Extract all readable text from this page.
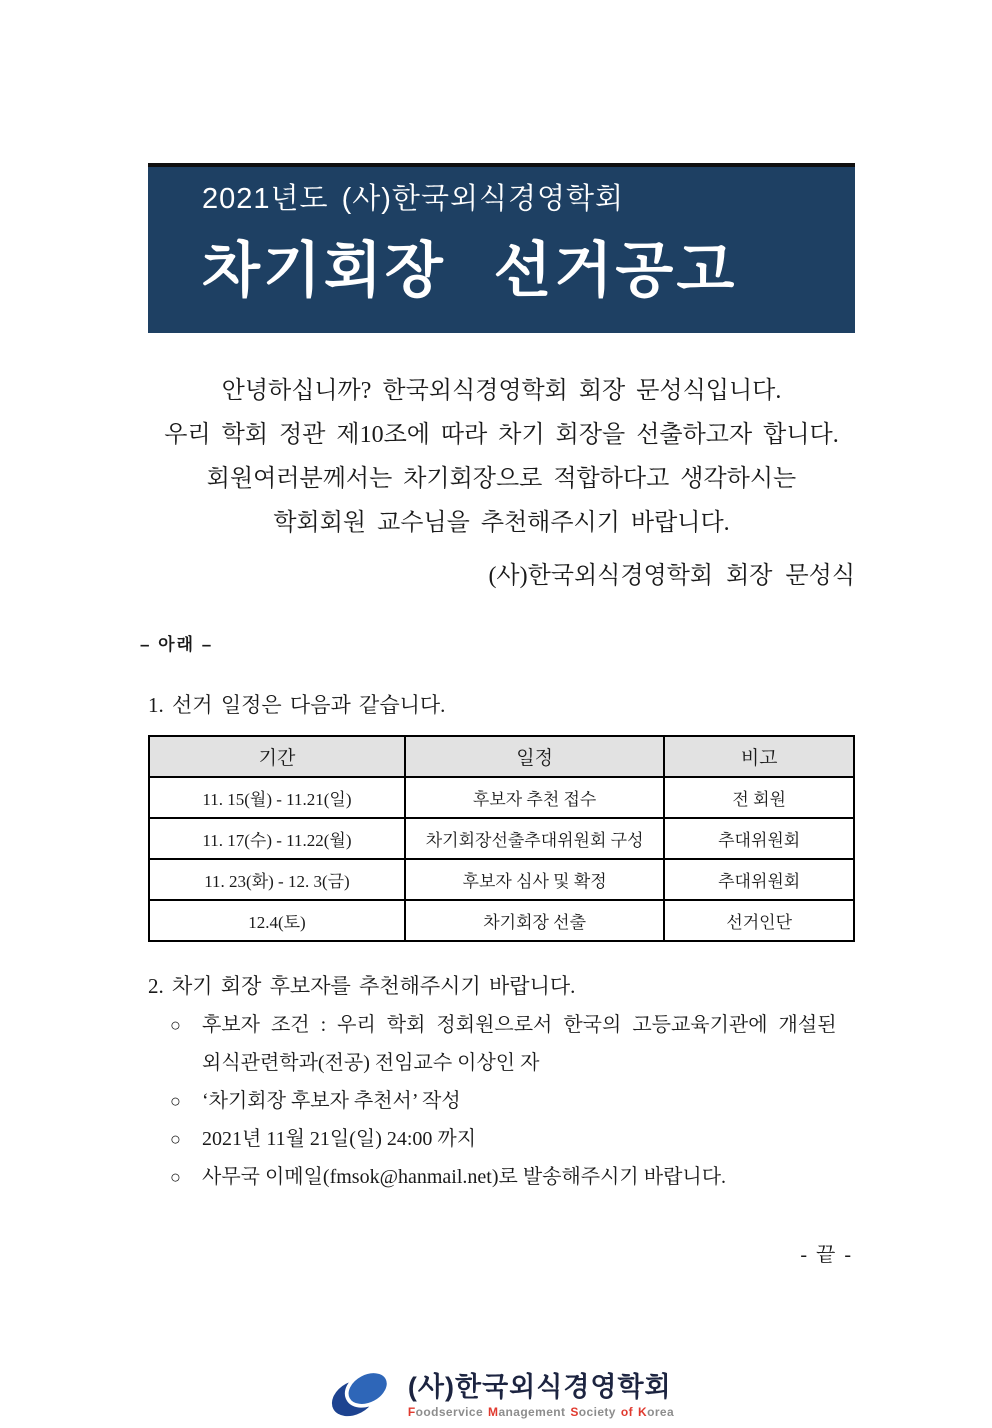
2021년도 (사)한국외식경영학회
차기회장 선거공고
안녕하십니까? 한국외식경영학회 회장 문성식입니다.
우리 학회 정관 제10조에 따라 차기 회장을 선출하고자 합니다.
회원여러분께서는 차기회장으로 적합하다고 생각하시는
학회회원 교수님을 추천해주시기 바랍니다.
(사)한국외식경영학회 회장 문성식
– 아래 –
1. 선거 일정은 다음과 같습니다.
기간	일정	비고
11. 15(월) - 11.21(일)	후보자 추천 접수	전 회원
11. 17(수) - 11.22(월)	차기회장선출추대위원회 구성	추대위원회
11. 23(화) - 12. 3(금)	후보자 심사 및 확정	추대위원회
12.4(토)	차기회장 선출	선거인단
2. 차기 회장 후보자를 추천해주시기 바랍니다.
○ 후보자 조건 : 우리 학회 정회원으로서 한국의 고등교육기관에 개설된
외식관련학과(전공) 전임교수 이상인 자
○ ‘차기회장 후보자 추천서’ 작성
○ 2021년 11월 21일(일) 24:00 까지
○ 사무국 이메일(fmsok@hanmail.net)로 발송해주시기 바랍니다.
- 끝 -
(사)한국외식경영학회
Foodservice Management Society of Korea
